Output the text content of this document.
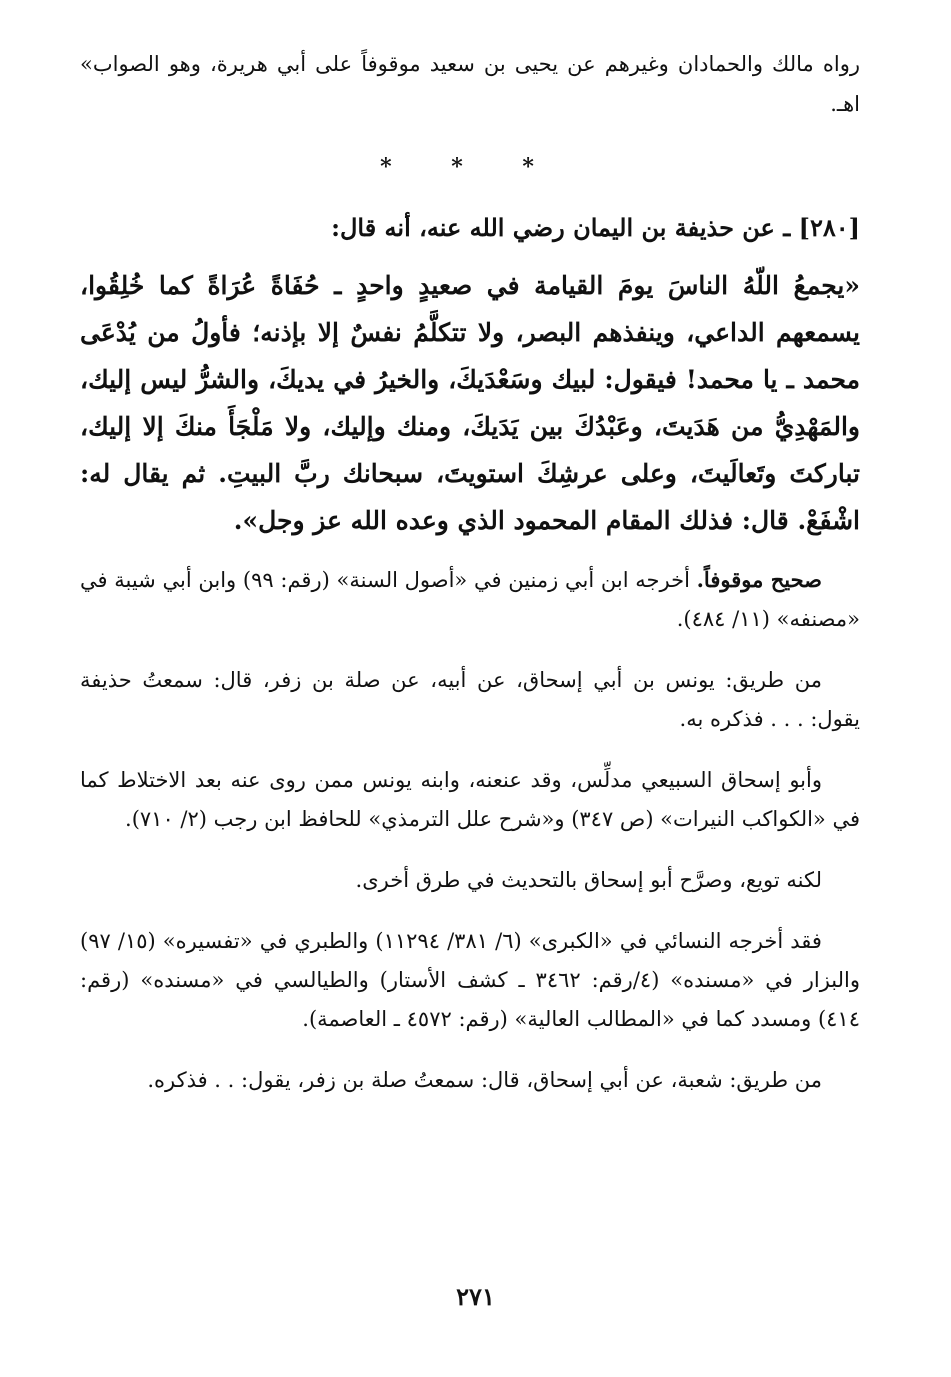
رواه مالك والحمادان وغيرهم عن يحيى بن سعيد موقوفاً على أبي هريرة، وهو الصواب» اهـ.

* * *

[٢٨٠] ـ عن حذيفة بن اليمان رضي الله عنه، أنه قال:

«يجمعُ اللّهُ الناسَ يومَ القيامة في صعيدٍ واحدٍ ـ حُفَاةً عُرَاةً كما خُلِقُوا، يسمعهم الداعي، وينفذهم البصر، ولا تتكلَّمُ نفسٌ إلا بإذنه؛ فأولُ من يُدْعَى محمد ـ يا محمد! فيقول: لبيك وسَعْدَيكَ، والخيرُ في يديكَ، والشرُّ ليس إليك، والمَهْدِيُّ من هَدَيتَ، وعَبْدُكَ بين يَدَيكَ، ومنك وإليك، ولا مَلْجَأَ منكَ إلا إليك، تباركتَ وتَعالَيتَ، وعلى عرشِكَ استويتَ، سبحانك ربَّ البيتِ. ثم يقال له: اشْفَعْ. قال: فذلك المقام المحمود الذي وعده الله عز وجل».

صحيح موقوفاً. أخرجه ابن أبي زمنين في «أصول السنة» (رقم: ٩٩) وابن أبي شيبة في «مصنفه» (١١/ ٤٨٤).

من طريق: يونس بن أبي إسحاق، عن أبيه، عن صلة بن زفر، قال: سمعتُ حذيفة يقول: . . . فذكره به.

وأبو إسحاق السبيعي مدلِّس، وقد عنعنه، وابنه يونس ممن روى عنه بعد الاختلاط كما في «الكواكب النيرات» (ص ٣٤٧) و«شرح علل الترمذي» للحافظ ابن رجب (٢/ ٧١٠).

لكنه تويع، وصرَّح أبو إسحاق بالتحديث في طرق أخرى.

فقد أخرجه النسائي في «الكبرى» (٦/ ٣٨١/ ١١٢٩٤) والطبري في «تفسيره» (١٥/ ٩٧) والبزار في «مسنده» (٤/رقم: ٣٤٦٢ ـ كشف الأستار) والطيالسي في «مسنده» (رقم: ٤١٤) ومسدد كما في «المطالب العالية» (رقم: ٤٥٧٢ ـ العاصمة).

من طريق: شعبة، عن أبي إسحاق، قال: سمعتُ صلة بن زفر، يقول: . . فذكره.

٢٧١
